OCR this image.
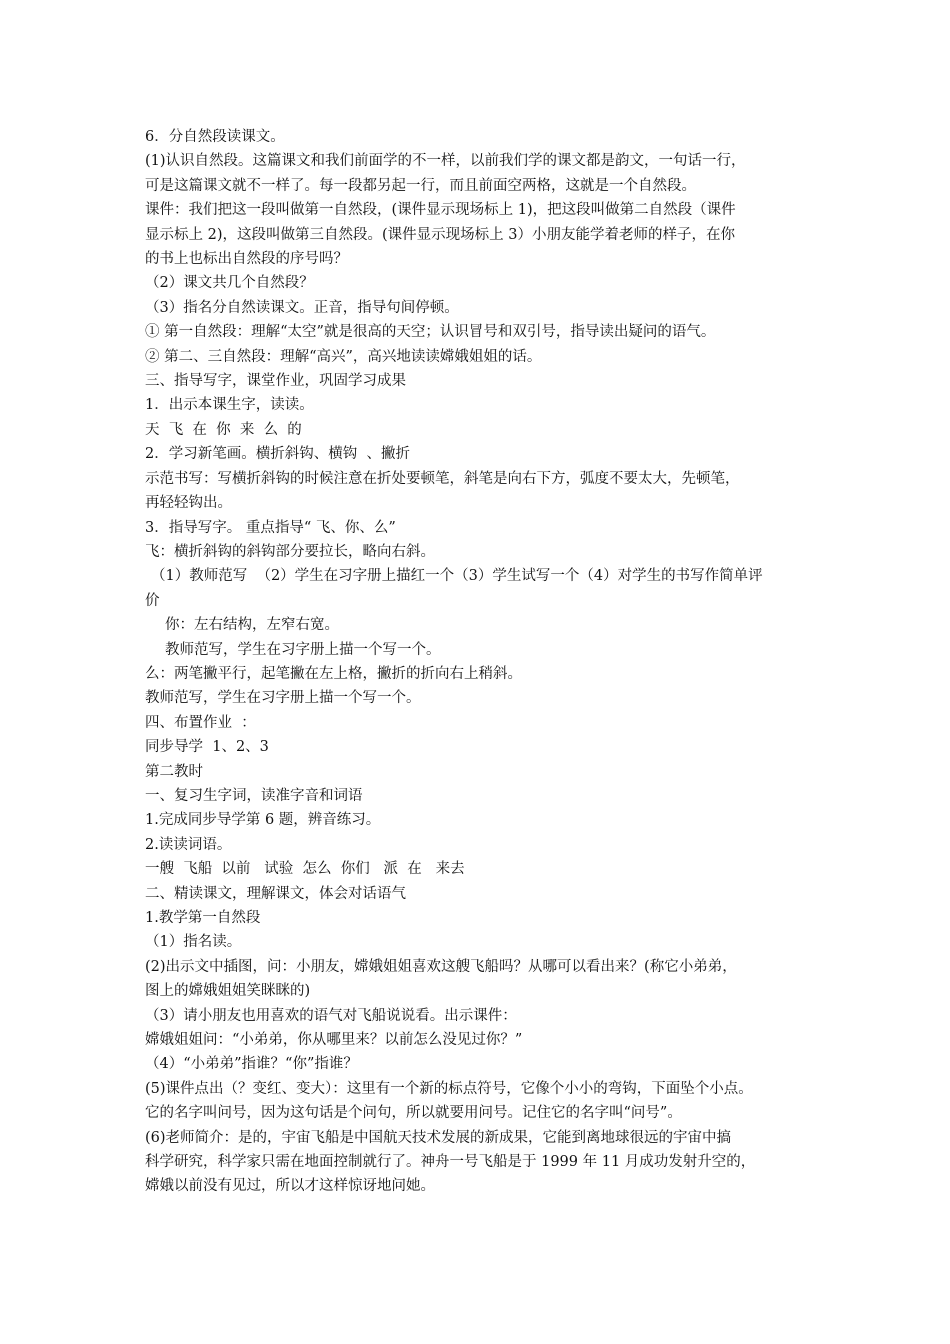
6．分自然段读课文。

(1)认识自然段。这篇课文和我们前面学的不一样，以前我们学的课文都是韵文，一句话一行，

可是这篇课文就不一样了。每一段都另起一行，而且前面空两格，这就是一个自然段。

课件：我们把这一段叫做第一自然段，(课件显示现场标上 1)，把这段叫做第二自然段（课件

显示标上 2)，这段叫做第三自然段。(课件显示现场标上 3）小朋友能学着老师的样子，在你

的书上也标出自然段的序号吗？

（2）课文共几个自然段？

（3）指名分自然读课文。正音，指导句间停顿。

① 第一自然段：理解“太空”就是很高的天空；认识冒号和双引号，指导读出疑问的语气。

② 第二、三自然段：理解“高兴”，高兴地读读嫦娥姐姐的话。

三、指导写字，课堂作业，巩固学习成果

1．出示本课生字，读读。

天  飞  在  你  来  么  的

2．学习新笔画。横折斜钩、横钩  、撇折

示范书写：写横折斜钩的时候注意在折处要顿笔，斜笔是向右下方，弧度不要太大，先顿笔，

再轻轻钩出。

3．指导写字。 重点指导“ 飞、你、么”

飞：横折斜钩的斜钩部分要拉长，略向右斜。

（1）教师范写  （2）学生在习字册上描红一个（3）学生试写一个（4）对学生的书写作简单评

价

你：左右结构，左窄右宽。

教师范写，学生在习字册上描一个写一个。

么：两笔撇平行，起笔撇在左上格，撇折的折向右上稍斜。

教师范写，学生在习字册上描一个写一个。

四、布置作业  ：

同步导学  1、2、3

第二教时

一、复习生字词，读准字音和词语

1.完成同步导学第 6 题，辨音练习。

2.读读词语。

一艘  飞船  以前   试验  怎么  你们   派  在   来去

二、精读课文，理解课文，体会对话语气

1.教学第一自然段

（1）指名读。

(2)出示文中插图，问：小朋友，嫦娥姐姐喜欢这艘飞船吗？从哪可以看出来？(称它小弟弟，

图上的嫦娥姐姐笑眯眯的)

（3）请小朋友也用喜欢的语气对飞船说说看。出示课件：

嫦娥姐姐问：“小弟弟，你从哪里来？以前怎么没见过你？”

（4）“小弟弟”指谁？“你”指谁？

(5)课件点出（？变红、变大）：这里有一个新的标点符号，它像个小小的弯钩，下面坠个小点。

它的名字叫问号，因为这句话是个问句，所以就要用问号。记住它的名字叫“问号”。

(6)老师简介：是的，宇宙飞船是中国航天技术发展的新成果，它能到离地球很远的宇宙中搞

科学研究，科学家只需在地面控制就行了。神舟一号飞船是于 1999 年 11 月成功发射升空的，

嫦娥以前没有见过，所以才这样惊讶地问她。
